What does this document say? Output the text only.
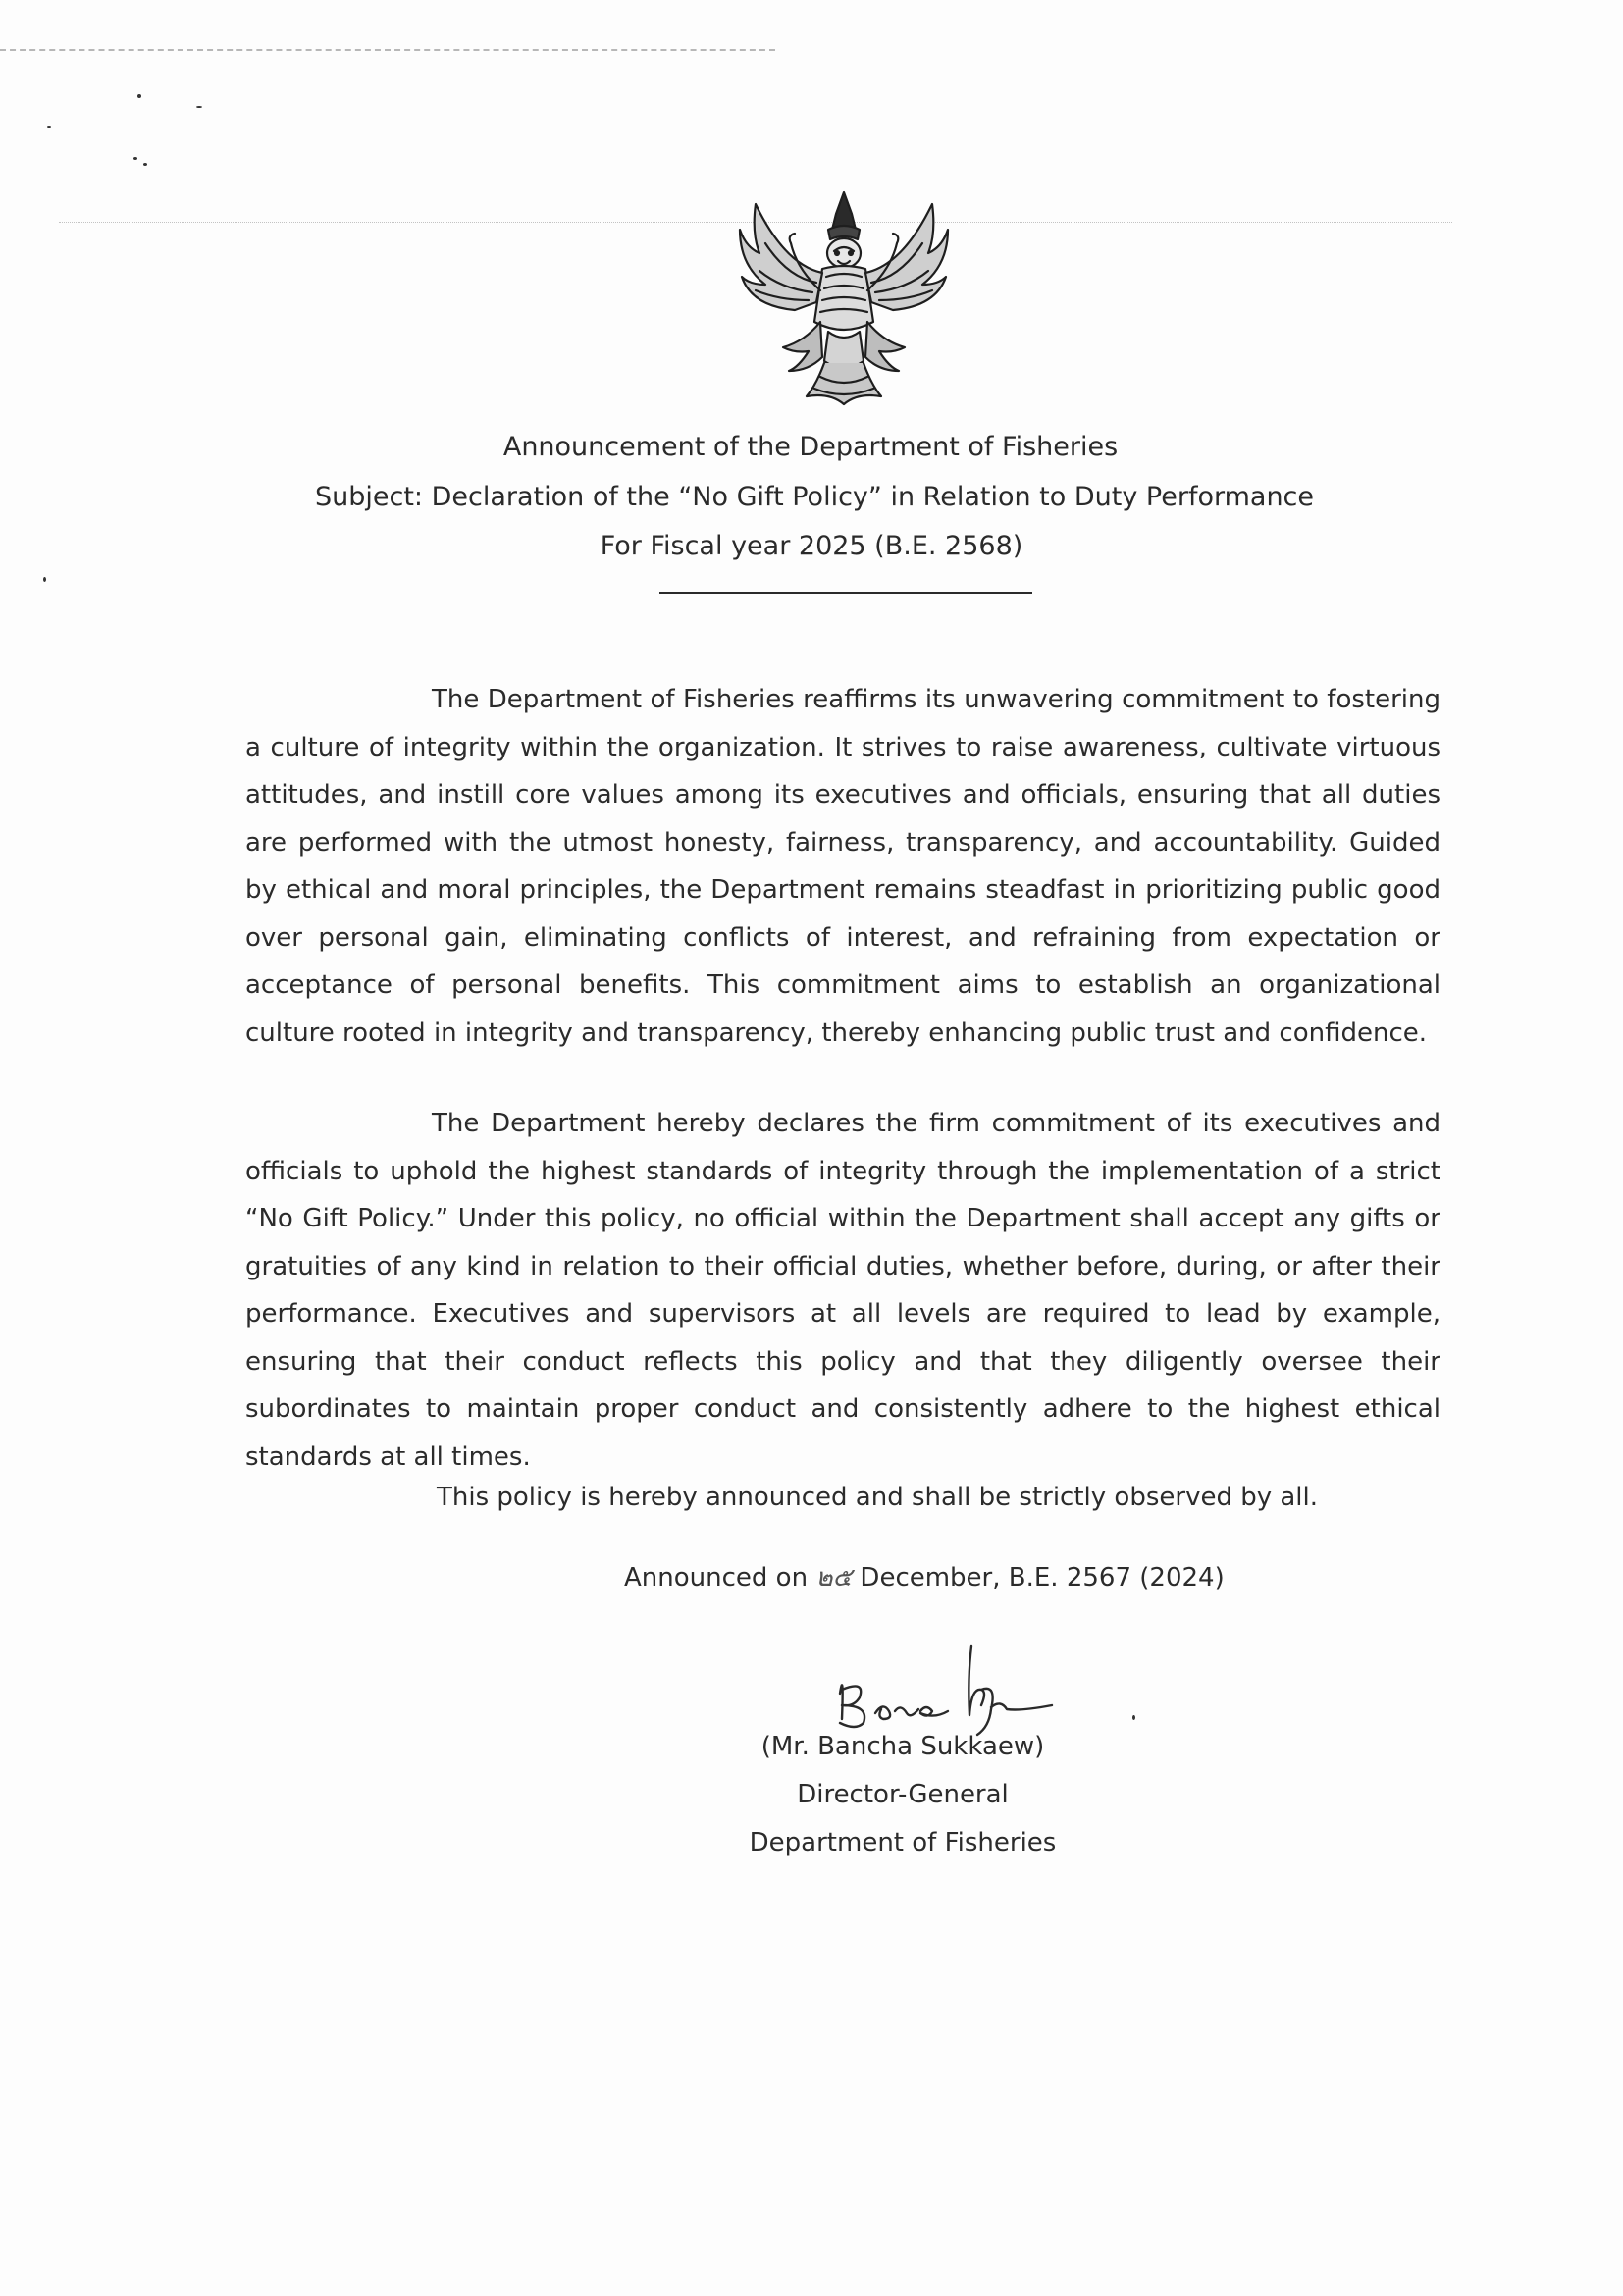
Announcement of the Department of Fisheries
Subject: Declaration of the “No Gift Policy” in Relation to Duty Performance
For Fiscal year 2025 (B.E. 2568)
The Department of Fisheries reaffirms its unwavering commitment to fostering a culture of integrity within the organization. It strives to raise awareness, cultivate virtuous attitudes, and instill core values among its executives and officials, ensuring that all duties are performed with the utmost honesty, fairness, transparency, and accountability. Guided by ethical and moral principles, the Department remains steadfast in prioritizing public good over personal gain, eliminating conflicts of interest, and refraining from expectation or acceptance of personal benefits. This commitment aims to establish an organizational culture rooted in integrity and transparency, thereby enhancing public trust and confidence.
The Department hereby declares the firm commitment of its executives and officials to uphold the highest standards of integrity through the implementation of a strict “No Gift Policy.” Under this policy, no official within the Department shall accept any gifts or gratuities of any kind in relation to their official duties, whether before, during, or after their performance. Executives and supervisors at all levels are required to lead by example, ensuring that their conduct reflects this policy and that they diligently oversee their subordinates to maintain proper conduct and consistently adhere to the highest ethical standards at all times.
This policy is hereby announced and shall be strictly observed by all.
Announced on ๒๕ December, B.E. 2567 (2024)
(Mr. Bancha Sukkaew)
Director-General
Department of Fisheries
